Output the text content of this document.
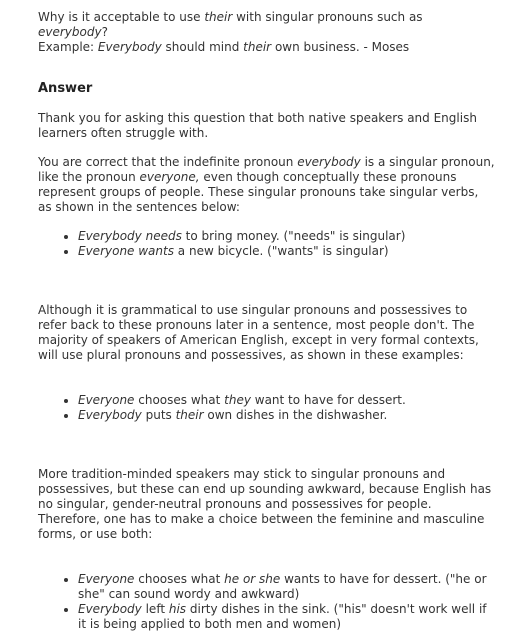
Why is it acceptable to use their with singular pronouns such as everybody?
Example: Everybody should mind their own business. - Moses

Answer

Thank you for asking this question that both native speakers and English learners often struggle with.

You are correct that the indefinite pronoun everybody is a singular pronoun, like the pronoun everyone, even though conceptually these pronouns represent groups of people. These singular pronouns take singular verbs, as shown in the sentences below:

• Everybody needs to bring money. ("needs" is singular)
• Everyone wants a new bicycle. ("wants" is singular)

Although it is grammatical to use singular pronouns and possessives to refer back to these pronouns later in a sentence, most people don't. The majority of speakers of American English, except in very formal contexts, will use plural pronouns and possessives, as shown in these examples:

• Everyone chooses what they want to have for dessert.
• Everybody puts their own dishes in the dishwasher.

More tradition-minded speakers may stick to singular pronouns and possessives, but these can end up sounding awkward, because English has no singular, gender-neutral pronouns and possessives for people. Therefore, one has to make a choice between the feminine and masculine forms, or use both:

• Everyone chooses what he or she wants to have for dessert. ("he or she" can sound wordy and awkward)
• Everybody left his dirty dishes in the sink. ("his" doesn't work well if it is being applied to both men and women)
